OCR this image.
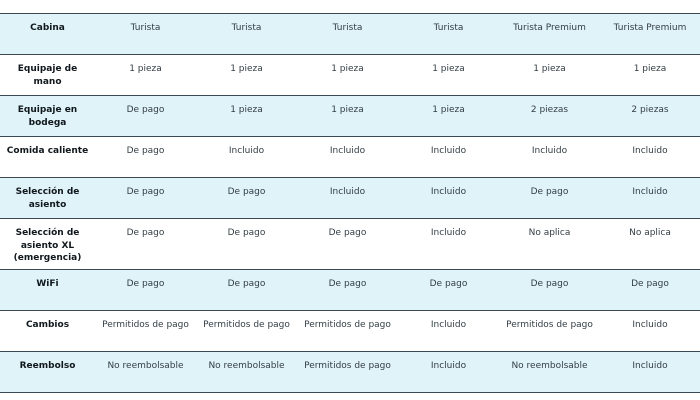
Cabina	Turista	Turista	Turista	Turista	Turista Premium	Turista Premium

Equipaje de mano	1 pieza	1 pieza	1 pieza	1 pieza	1 pieza	1 pieza

Equipaje en bodega	De pago	1 pieza	1 pieza	1 pieza	2 piezas	2 piezas

Comida caliente	De pago	Incluido	Incluido	Incluido	Incluido	Incluido

Selección de asiento	De pago	De pago	Incluido	Incluido	De pago	Incluido

Selección de asiento XL (emergencia)	De pago	De pago	De pago	Incluido	No aplica	No aplica

WiFi	De pago	De pago	De pago	De pago	De pago	De pago

Cambios	Permitidos de pago	Permitidos de pago	Permitidos de pago	Incluido	Permitidos de pago	Incluido

Reembolso	No reembolsable	No reembolsable	Permitidos de pago	Incluido	No reembolsable	Incluido
